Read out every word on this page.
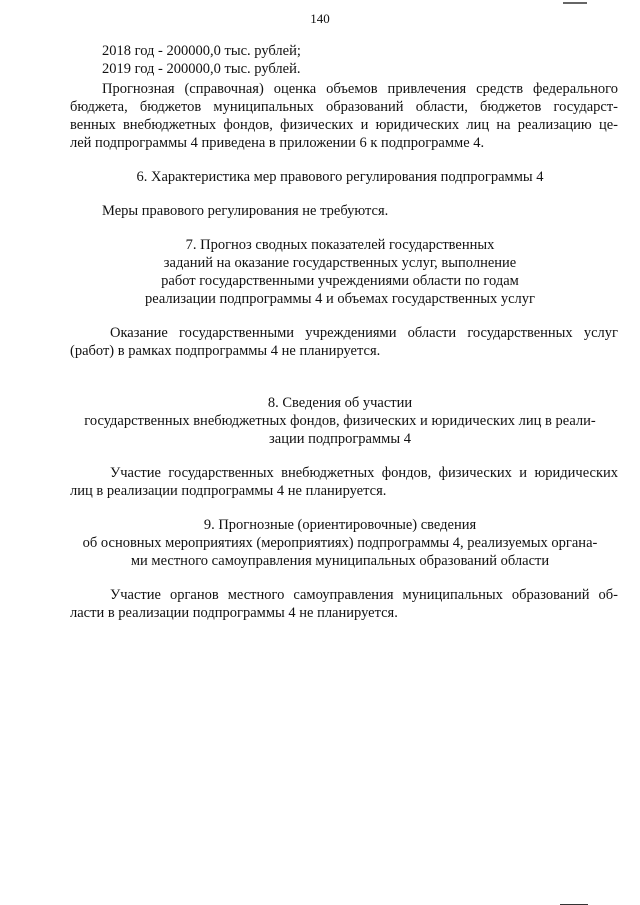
140
2018 год - 200000,0 тыс. рублей;
2019 год - 200000,0 тыс. рублей.
Прогнозная (справочная) оценка объемов привлечения средств федерального
бюджета, бюджетов муниципальных образований области, бюджетов государст-
венных внебюджетных фондов, физических и юридических лиц на реализацию це-
лей подпрограммы 4 приведена в приложении 6 к подпрограмме 4.
6. Характеристика мер правового регулирования подпрограммы 4
Меры правового регулирования не требуются.
7. Прогноз сводных показателей государственных
заданий на оказание государственных услуг, выполнение
работ государственными учреждениями области по годам
реализации подпрограммы 4 и объемах государственных услуг
Оказание государственными учреждениями области государственных услуг
(работ) в рамках подпрограммы 4 не планируется.
8. Сведения об участии
государственных внебюджетных фондов, физических и юридических лиц в реали-
зации подпрограммы 4
Участие государственных внебюджетных фондов, физических и юридических
лиц в реализации подпрограммы 4 не планируется.
9. Прогнозные (ориентировочные) сведения
об основных мероприятиях (мероприятиях) подпрограммы 4, реализуемых органа-
ми местного самоуправления муниципальных образований области
Участие органов местного самоуправления муниципальных образований об-
ласти в реализации подпрограммы 4 не планируется.
